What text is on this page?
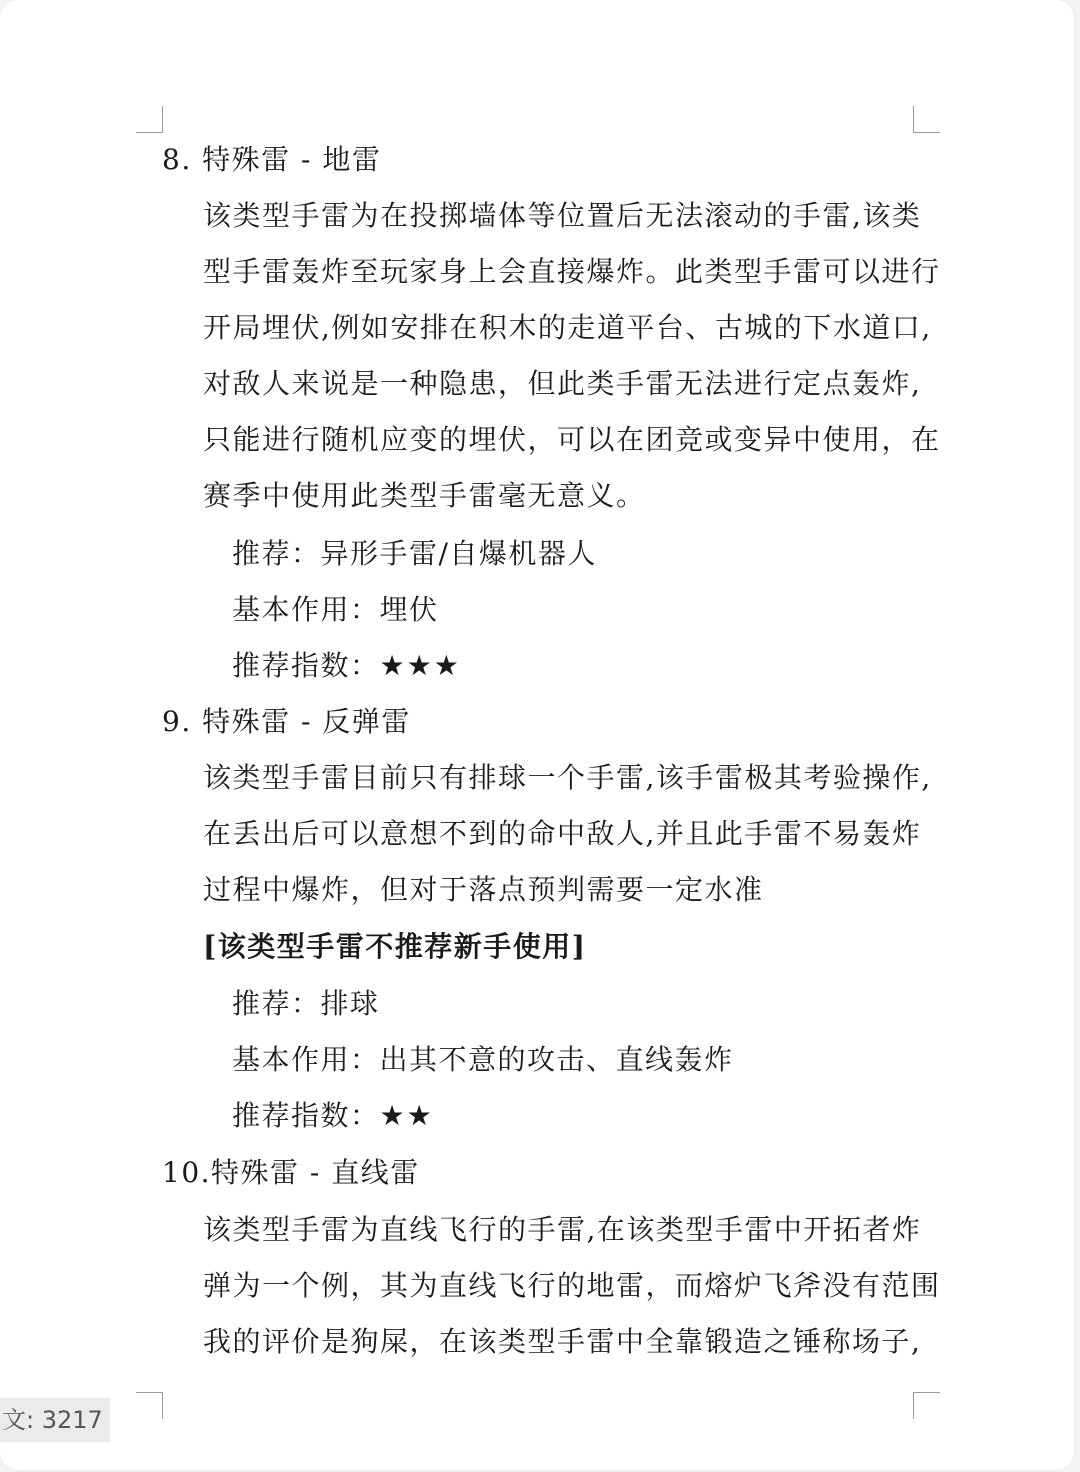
8. 特殊雷 - 地雷
该类型手雷为在投掷墙体等位置后无法滚动的手雷,该类
型手雷轰炸至玩家身上会直接爆炸。此类型手雷可以进行
开局埋伏,例如安排在积木的走道平台、古城的下水道口,
对敌人来说是一种隐患，但此类手雷无法进行定点轰炸,
只能进行随机应变的埋伏，可以在团竞或变异中使用，在
赛季中使用此类型手雷毫无意义。
推荐：异形手雷/自爆机器人
基本作用：埋伏
推荐指数：★★★
9. 特殊雷 - 反弹雷
该类型手雷目前只有排球一个手雷,该手雷极其考验操作,
在丢出后可以意想不到的命中敌人,并且此手雷不易轰炸
过程中爆炸，但对于落点预判需要一定水准
[该类型手雷不推荐新手使用]
推荐：排球
基本作用：出其不意的攻击、直线轰炸
推荐指数：★★
10.特殊雷 - 直线雷
该类型手雷为直线飞行的手雷,在该类型手雷中开拓者炸
弹为一个例，其为直线飞行的地雷，而熔炉飞斧没有范围
我的评价是狗屎，在该类型手雷中全靠锻造之锤称场子,
文: 3217
